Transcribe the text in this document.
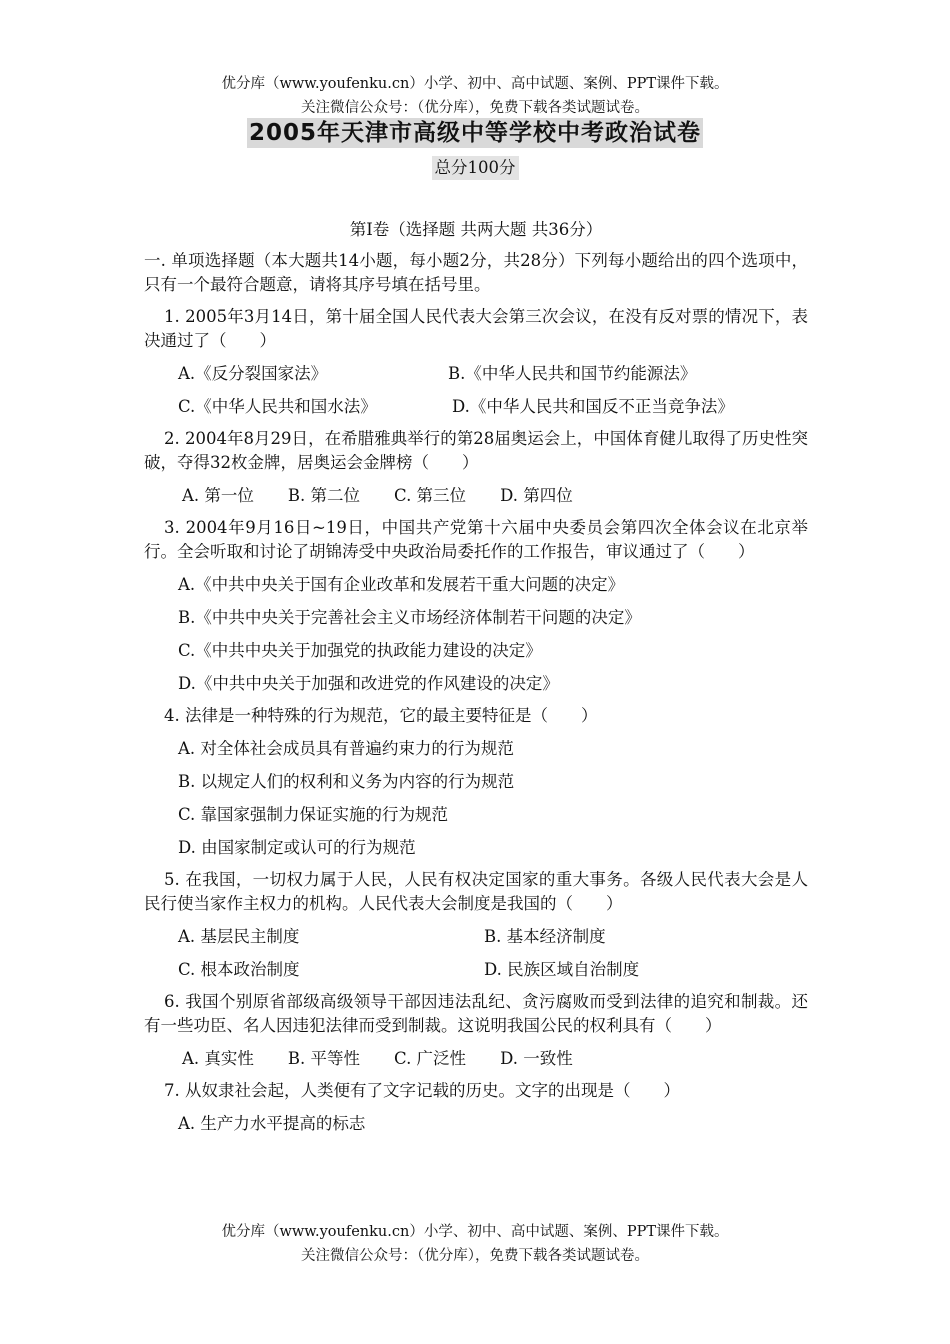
优分库（www.youfenku.cn）小学、初中、高中试题、案例、PPT课件下载。
关注微信公众号：（优分库），免费下载各类试题试卷。
2005年天津市高级中等学校中考政治试卷
总分100分

第Ⅰ卷（选择题 共两大题 共36分）

一. 单项选择题（本大题共14小题，每小题2分，共28分）下列每小题给出的四个选项中，只有一个最符合题意，请将其序号填在括号里。

1. 2005年3月14日，第十届全国人民代表大会第三次会议，在没有反对票的情况下，表决通过了（　　）

A.《反分裂国家法》	B.《中华人民共和国节约能源法》
C.《中华人民共和国水法》	D.《中华人民共和国反不正当竞争法》

2. 2004年8月29日，在希腊雅典举行的第28届奥运会上，中国体育健儿取得了历史性突破，夺得32枚金牌，居奥运会金牌榜（　　）

A. 第一位 B. 第二位 C. 第三位 D. 第四位

3. 2004年9月16日~19日，中国共产党第十六届中央委员会第四次全体会议在北京举行。全会听取和讨论了胡锦涛受中央政治局委托作的工作报告，审议通过了（　　）

A.《中共中央关于国有企业改革和发展若干重大问题的决定》
B.《中共中央关于完善社会主义市场经济体制若干问题的决定》
C.《中共中央关于加强党的执政能力建设的决定》
D.《中共中央关于加强和改进党的作风建设的决定》

4. 法律是一种特殊的行为规范，它的最主要特征是（　　）

A. 对全体社会成员具有普遍约束力的行为规范
B. 以规定人们的权利和义务为内容的行为规范
C. 靠国家强制力保证实施的行为规范
D. 由国家制定或认可的行为规范

5. 在我国，一切权力属于人民，人民有权决定国家的重大事务。各级人民代表大会是人民行使当家作主权力的机构。人民代表大会制度是我国的（　　）

A. 基层民主制度	B. 基本经济制度
C. 根本政治制度	D. 民族区域自治制度

6. 我国个别原省部级高级领导干部因违法乱纪、贪污腐败而受到法律的追究和制裁。还有一些功臣、名人因违犯法律而受到制裁。这说明我国公民的权利具有（　　）

A. 真实性 B. 平等性 C. 广泛性 D. 一致性

7. 从奴隶社会起，人类便有了文字记载的历史。文字的出现是（　　）

A. 生产力水平提高的标志
优分库（www.youfenku.cn）小学、初中、高中试题、案例、PPT课件下载。
关注微信公众号：（优分库），免费下载各类试题试卷。
